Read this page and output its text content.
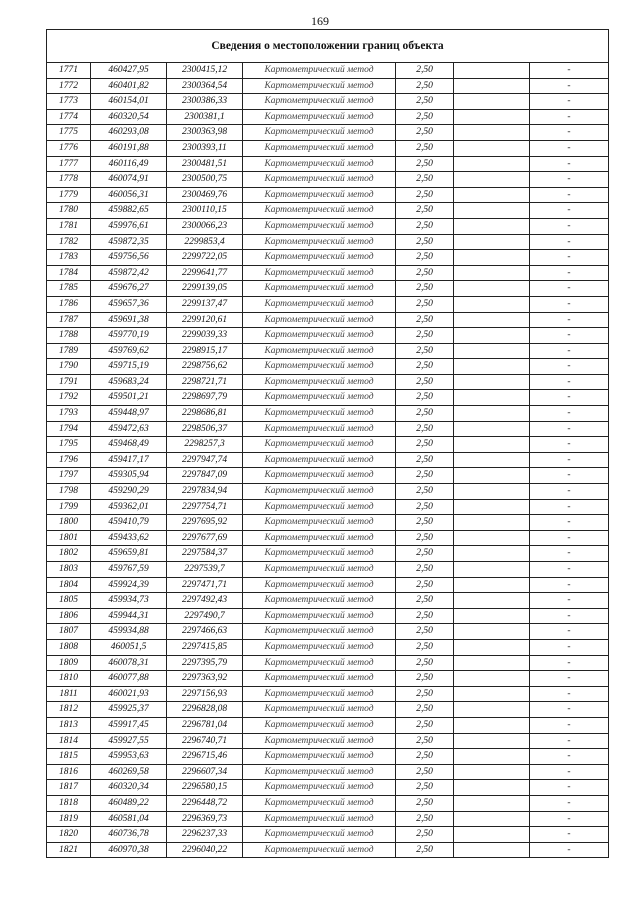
169
Сведения о местоположении границ объекта						
1771	460427,95	2300415,12	Картометрический метод	2,50		-
1772	460401,82	2300364,54	Картометрический метод	2,50		-
1773	460154,01	2300386,33	Картометрический метод	2,50		-
1774	460320,54	2300381,1	Картометрический метод	2,50		-
1775	460293,08	2300363,98	Картометрический метод	2,50		-
1776	460191,88	2300393,11	Картометрический метод	2,50		-
1777	460116,49	2300481,51	Картометрический метод	2,50		-
1778	460074,91	2300500,75	Картометрический метод	2,50		-
1779	460056,31	2300469,76	Картометрический метод	2,50		-
1780	459882,65	2300110,15	Картометрический метод	2,50		-
1781	459976,61	2300066,23	Картометрический метод	2,50		-
1782	459872,35	2299853,4	Картометрический метод	2,50		-
1783	459756,56	2299722,05	Картометрический метод	2,50		-
1784	459872,42	2299641,77	Картометрический метод	2,50		-
1785	459676,27	2299139,05	Картометрический метод	2,50		-
1786	459657,36	2299137,47	Картометрический метод	2,50		-
1787	459691,38	2299120,61	Картометрический метод	2,50		-
1788	459770,19	2299039,33	Картометрический метод	2,50		-
1789	459769,62	2298915,17	Картометрический метод	2,50		-
1790	459715,19	2298756,62	Картометрический метод	2,50		-
1791	459683,24	2298721,71	Картометрический метод	2,50		-
1792	459501,21	2298697,79	Картометрический метод	2,50		-
1793	459448,97	2298686,81	Картометрический метод	2,50		-
1794	459472,63	2298506,37	Картометрический метод	2,50		-
1795	459468,49	2298257,3	Картометрический метод	2,50		-
1796	459417,17	2297947,74	Картометрический метод	2,50		-
1797	459305,94	2297847,09	Картометрический метод	2,50		-
1798	459290,29	2297834,94	Картометрический метод	2,50		-
1799	459362,01	2297754,71	Картометрический метод	2,50		-
1800	459410,79	2297695,92	Картометрический метод	2,50		-
1801	459433,62	2297677,69	Картометрический метод	2,50		-
1802	459659,81	2297584,37	Картометрический метод	2,50		-
1803	459767,59	2297539,7	Картометрический метод	2,50		-
1804	459924,39	2297471,71	Картометрический метод	2,50		-
1805	459934,73	2297492,43	Картометрический метод	2,50		-
1806	459944,31	2297490,7	Картометрический метод	2,50		-
1807	459934,88	2297466,63	Картометрический метод	2,50		-
1808	460051,5	2297415,85	Картометрический метод	2,50		-
1809	460078,31	2297395,79	Картометрический метод	2,50		-
1810	460077,88	2297363,92	Картометрический метод	2,50		-
1811	460021,93	2297156,93	Картометрический метод	2,50		-
1812	459925,37	2296828,08	Картометрический метод	2,50		-
1813	459917,45	2296781,04	Картометрический метод	2,50		-
1814	459927,55	2296740,71	Картометрический метод	2,50		-
1815	459953,63	2296715,46	Картометрический метод	2,50		-
1816	460269,58	2296607,34	Картометрический метод	2,50		-
1817	460320,34	2296580,15	Картометрический метод	2,50		-
1818	460489,22	2296448,72	Картометрический метод	2,50		-
1819	460581,04	2296369,73	Картометрический метод	2,50		-
1820	460736,78	2296237,33	Картометрический метод	2,50		-
1821	460970,38	2296040,22	Картометрический метод	2,50		-
